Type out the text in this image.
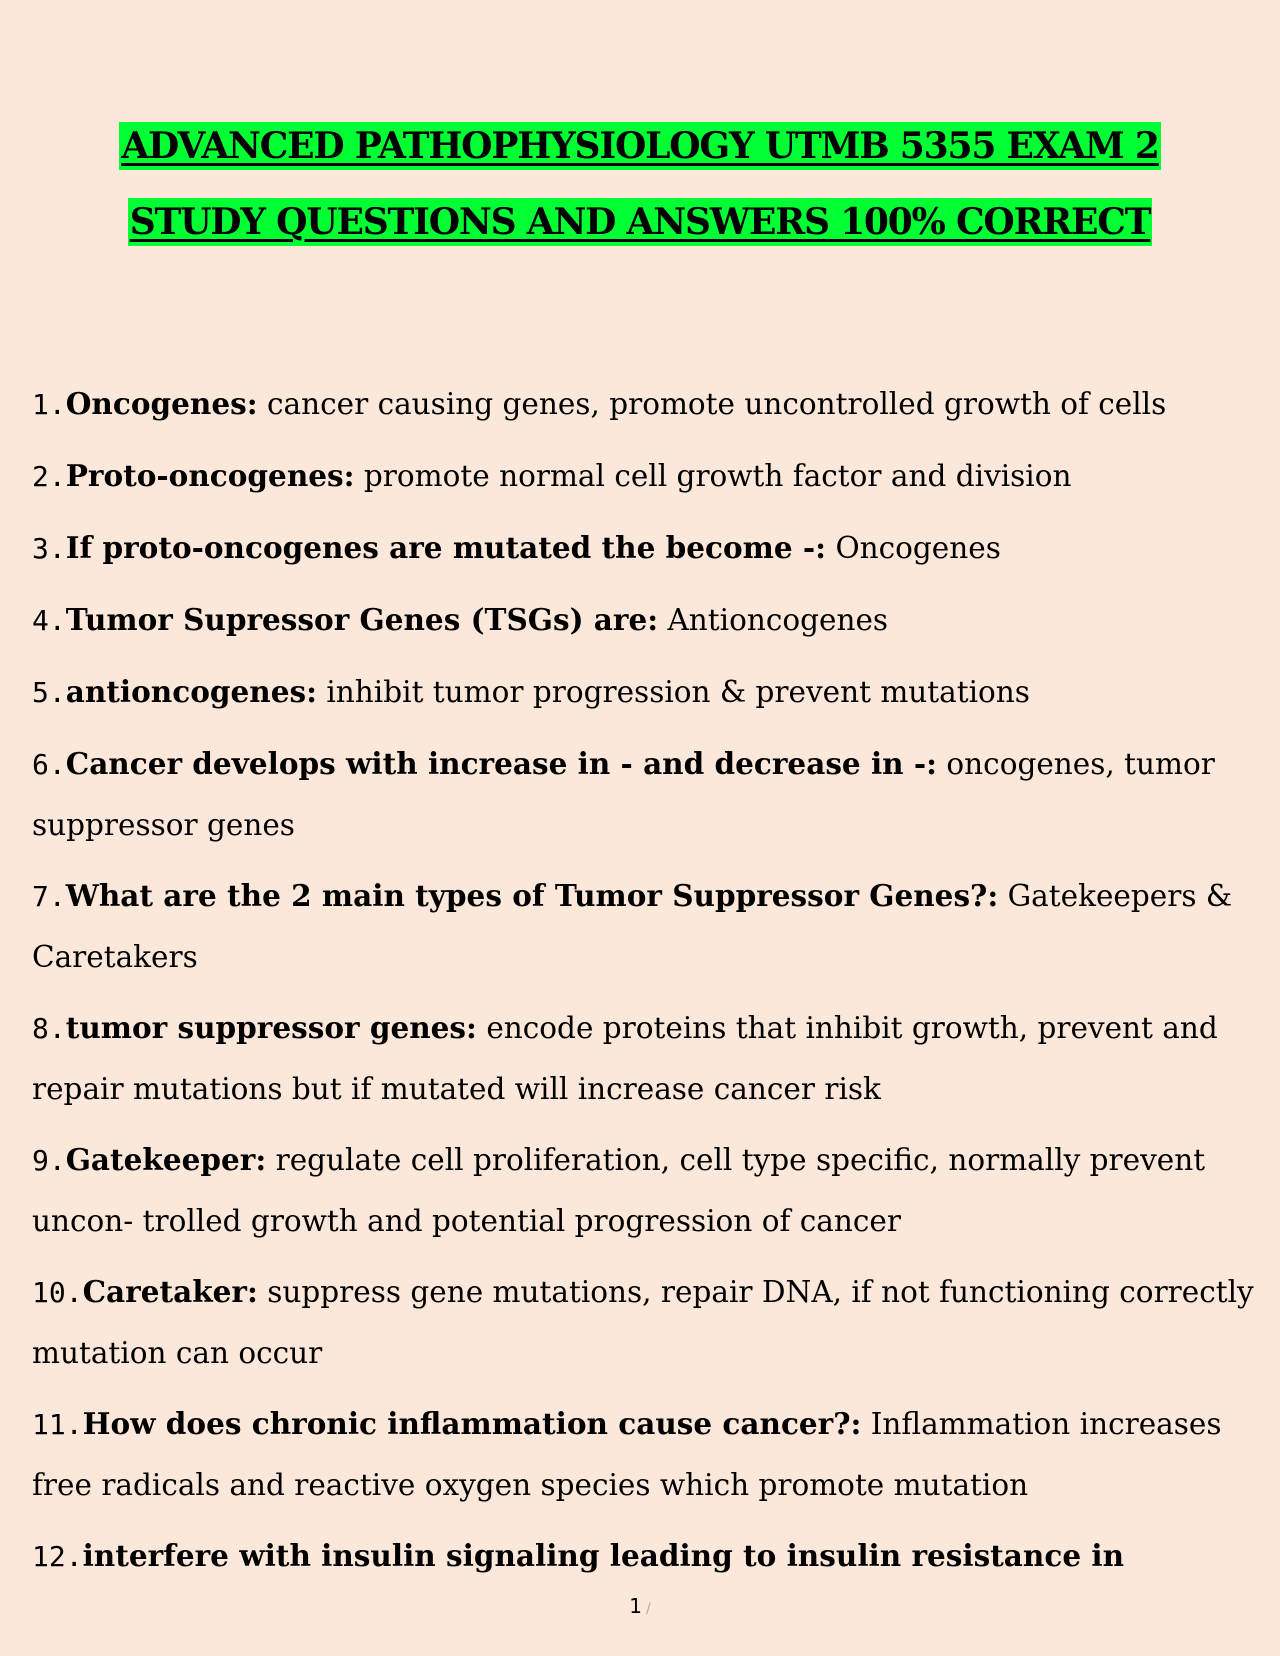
ADVANCED PATHOPHYSIOLOGY UTMB 5355 EXAM 2
STUDY QUESTIONS AND ANSWERS 100% CORRECT

1.Oncogenes: cancer causing genes, promote uncontrolled growth of cells

2.Proto-oncogenes: promote normal cell growth factor and division

3.If proto-oncogenes are mutated the become -: Oncogenes

4.Tumor Supressor Genes (TSGs) are: Antioncogenes

5.antioncogenes: inhibit tumor progression & prevent mutations

6.Cancer develops with increase in - and decrease in -: oncogenes, tumor suppressor genes

7.What are the 2 main types of Tumor Suppressor Genes?: Gatekeepers & Caretakers

8.tumor suppressor genes: encode proteins that inhibit growth, prevent and repair mutations but if mutated will increase cancer risk

9.Gatekeeper: regulate cell proliferation, cell type specific, normally prevent uncon- trolled growth and potential progression of cancer

10.Caretaker: suppress gene mutations, repair DNA, if not functioning correctly mutation can occur

11.How does chronic inflammation cause cancer?: Inflammation increases free radicals and reactive oxygen species which promote mutation

12.interfere with insulin signaling leading to insulin resistance in

1 /
